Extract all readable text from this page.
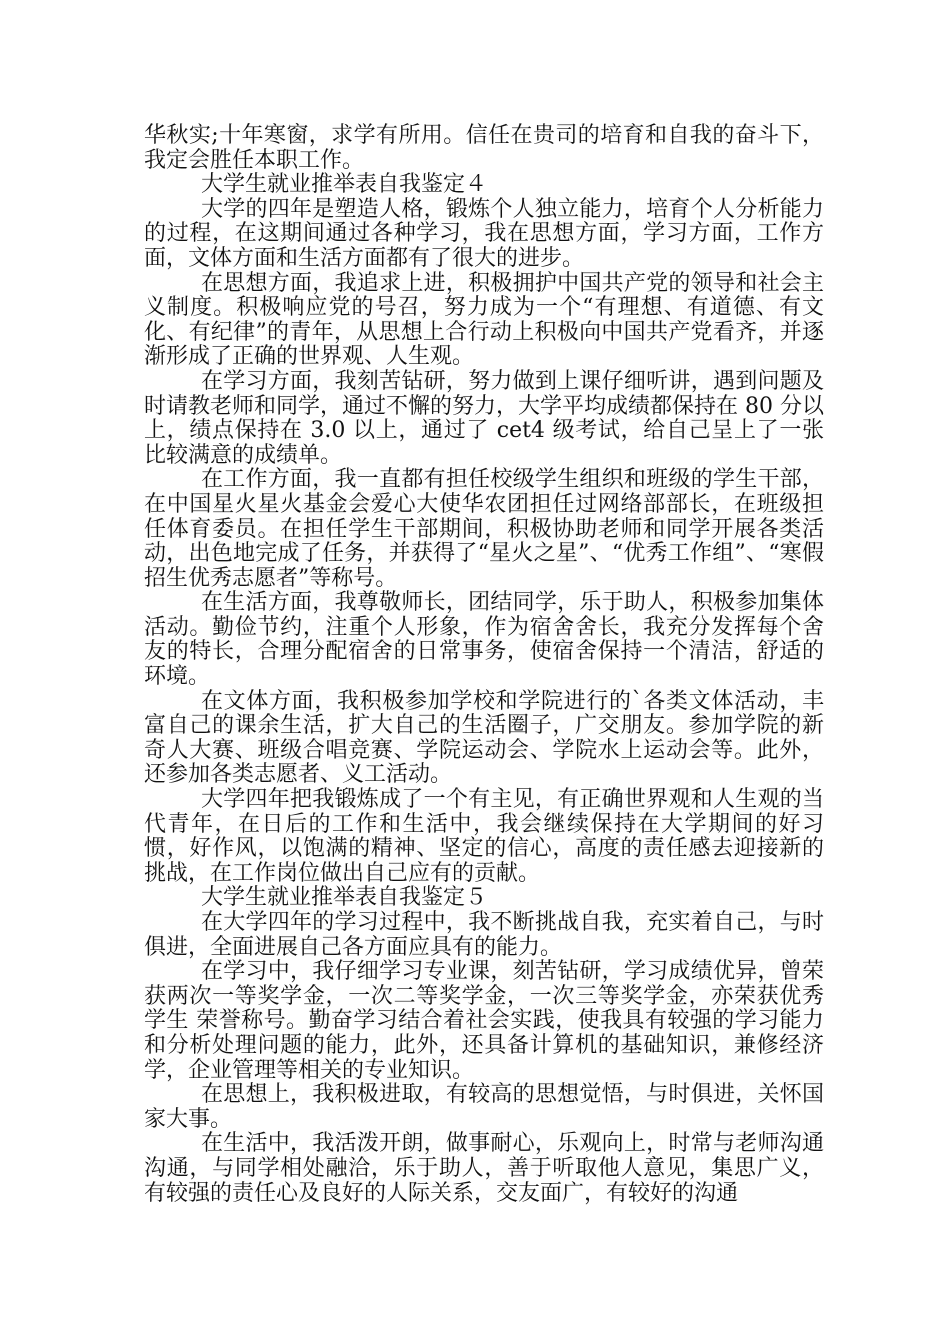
华秋实;十年寒窗，求学有所用。信任在贵司的培育和自我的奋斗下，我定会胜任本职工作。

大学生就业推举表自我鉴定４

大学的四年是塑造人格，锻炼个人独立能力，培育个人分析能力的过程，在这期间通过各种学习，我在思想方面，学习方面，工作方面，文体方面和生活方面都有了很大的进步。

在思想方面，我追求上进，积极拥护中国共产党的领导和社会主义制度。积极响应党的号召，努力成为一个“有理想、有道德、有文化、有纪律”的青年，从思想上合行动上积极向中国共产党看齐，并逐渐形成了正确的世界观、人生观。

在学习方面，我刻苦钻研，努力做到上课仔细听讲，遇到问题及时请教老师和同学，通过不懈的努力，大学平均成绩都保持在 80 分以上，绩点保持在 3.0 以上，通过了 cet4 级考试，给自己呈上了一张比较满意的成绩单。

在工作方面，我一直都有担任校级学生组织和班级的学生干部，在中国星火星火基金会爱心大使华农团担任过网络部部长，在班级担任体育委员。在担任学生干部期间，积极协助老师和同学开展各类活动，出色地完成了任务，并获得了“星火之星”、“优秀工作组”、“寒假招生优秀志愿者”等称号。

在生活方面，我尊敬师长，团结同学，乐于助人，积极参加集体活动。勤俭节约，注重个人形象，作为宿舍舍长，我充分发挥每个舍友的特长，合理分配宿舍的日常事务，使宿舍保持一个清洁，舒适的环境。

在文体方面，我积极参加学校和学院进行的`各类文体活动，丰富自己的课余生活，扩大自己的生活圈子，广交朋友。参加学院的新奇人大赛、班级合唱竞赛、学院运动会、学院水上运动会等。此外，还参加各类志愿者、义工活动。

大学四年把我锻炼成了一个有主见，有正确世界观和人生观的当代青年，在日后的工作和生活中，我会继续保持在大学期间的好习惯，好作风，以饱满的精神、坚定的信心，高度的责任感去迎接新的挑战，在工作岗位做出自己应有的贡献。

大学生就业推举表自我鉴定５

在大学四年的学习过程中，我不断挑战自我，充实着自己，与时俱进，全面进展自己各方面应具有的能力。

在学习中，我仔细学习专业课，刻苦钻研，学习成绩优异，曾荣获两次一等奖学金，一次二等奖学金，一次三等奖学金，亦荣获优秀学生 荣誉称号。勤奋学习结合着社会实践，使我具有较强的学习能力和分析处理问题的能力，此外，还具备计算机的基础知识，兼修经济学，企业管理等相关的专业知识。

在思想上，我积极进取，有较高的思想觉悟，与时俱进，关怀国家大事。

在生活中，我活泼开朗，做事耐心，乐观向上，时常与老师沟通沟通，与同学相处融洽，乐于助人，善于听取他人意见，集思广义，有较强的责任心及良好的人际关系，交友面广，有较好的沟通
